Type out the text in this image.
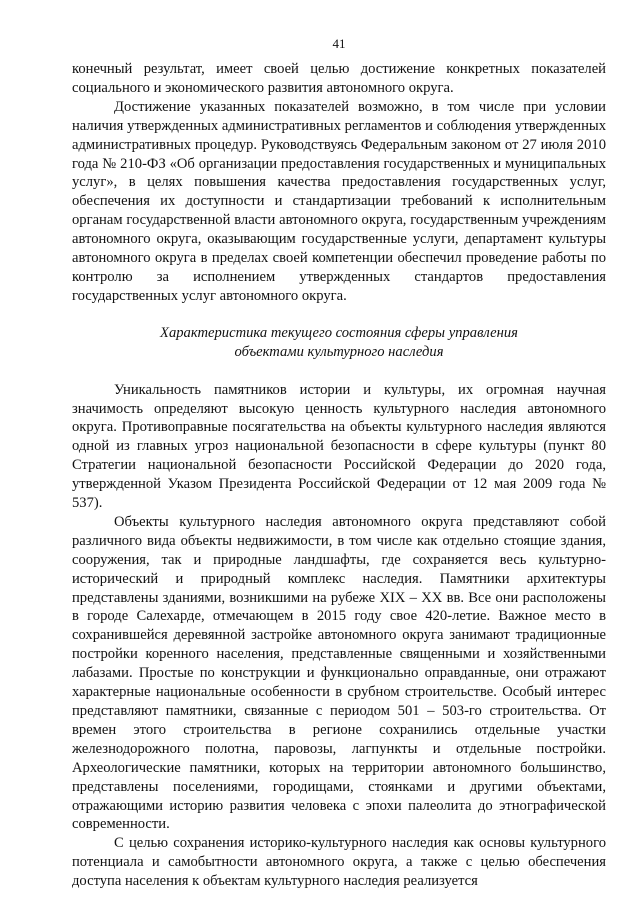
41

конечный результат, имеет своей целью достижение конкретных показателей социального и экономического развития автономного округа.

Достижение указанных показателей возможно, в том числе при условии наличия утвержденных административных регламентов и соблюдения утвержденных административных процедур. Руководствуясь Федеральным законом от 27 июля 2010 года № 210-ФЗ «Об организации предоставления государственных и муниципальных услуг», в целях повышения качества предоставления государственных услуг, обеспечения их доступности и стандартизации требований к исполнительным органам государственной власти автономного округа, государственным учреждениям автономного округа, оказывающим государственные услуги, департамент культуры автономного округа в пределах своей компетенции обеспечил проведение работы по контролю за исполнением утвержденных стандартов предоставления государственных услуг автономного округа.

Характеристика текущего состояния сферы управления
объектами культурного наследия

Уникальность памятников истории и культуры, их огромная научная значимость определяют высокую ценность культурного наследия автономного округа. Противоправные посягательства на объекты культурного наследия являются одной из главных угроз национальной безопасности в сфере культуры (пункт 80 Стратегии национальной безопасности Российской Федерации до 2020 года, утвержденной Указом Президента Российской Федерации от 12 мая 2009 года № 537).

Объекты культурного наследия автономного округа представляют собой различного вида объекты недвижимости, в том числе как отдельно стоящие здания, сооружения, так и природные ландшафты, где сохраняется весь культурно-исторический и природный комплекс наследия. Памятники архитектуры представлены зданиями, возникшими на рубеже XIX – XX вв. Все они расположены в городе Салехарде, отмечающем в 2015 году свое 420-летие. Важное место в сохранившейся деревянной застройке автономного округа занимают традиционные постройки коренного населения, представленные священными и хозяйственными лабазами. Простые по конструкции и функционально оправданные, они отражают характерные национальные особенности в срубном строительстве. Особый интерес представляют памятники, связанные с периодом 501 – 503-го строительства. От времен этого строительства в регионе сохранились отдельные участки железнодорожного полотна, паровозы, лагпункты и отдельные постройки. Археологические памятники, которых на территории автономного большинство, представлены поселениями, городищами, стоянками и другими объектами, отражающими историю развития человека с эпохи палеолита до этнографической современности.

С целью сохранения историко-культурного наследия как основы культурного потенциала и самобытности автономного округа, а также с целью обеспечения доступа населения к объектам культурного наследия реализуется
